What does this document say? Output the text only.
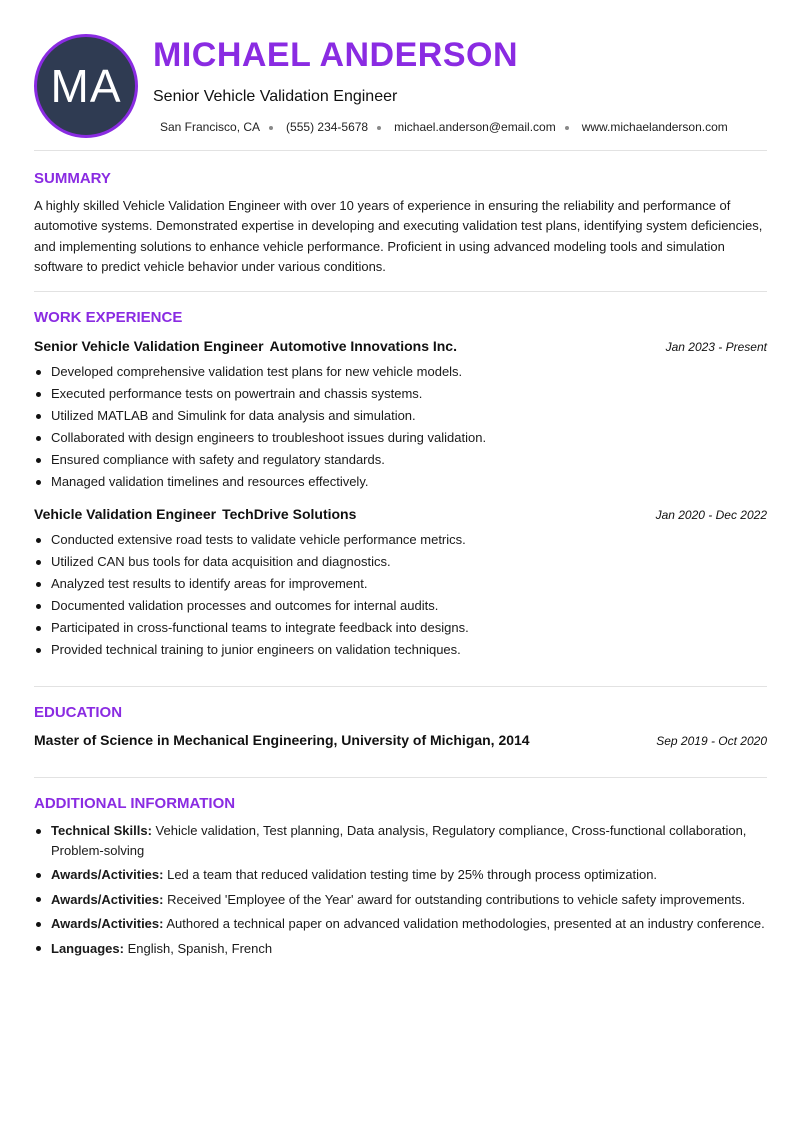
MA
MICHAEL ANDERSON
Senior Vehicle Validation Engineer
San Francisco, CA (555) 234-5678 michael.anderson@email.com www.michaelanderson.com
SUMMARY

A highly skilled Vehicle Validation Engineer with over 10 years of experience in ensuring the reliability and performance of automotive systems. Demonstrated expertise in developing and executing validation test plans, identifying system deficiencies, and implementing solutions to enhance vehicle performance. Proficient in using advanced modeling tools and simulation software to predict vehicle behavior under various conditions.

WORK EXPERIENCE
Senior Vehicle Validation Engineer Automotive Innovations Inc.	Jan 2023 - Present
Developed comprehensive validation test plans for new vehicle models.
Executed performance tests on powertrain and chassis systems.
Utilized MATLAB and Simulink for data analysis and simulation.
Collaborated with design engineers to troubleshoot issues during validation.
Ensured compliance with safety and regulatory standards.
Managed validation timelines and resources effectively.
Vehicle Validation Engineer TechDrive Solutions	Jan 2020 - Dec 2022
Conducted extensive road tests to validate vehicle performance metrics.
Utilized CAN bus tools for data acquisition and diagnostics.
Analyzed test results to identify areas for improvement.
Documented validation processes and outcomes for internal audits.
Participated in cross-functional teams to integrate feedback into designs.
Provided technical training to junior engineers on validation techniques.
EDUCATION
Master of Science in Mechanical Engineering, University of Michigan, 2014	Sep 2019 - Oct 2020
ADDITIONAL INFORMATION
Technical Skills: Vehicle validation, Test planning, Data analysis, Regulatory compliance, Cross-functional collaboration, Problem-solving
Awards/Activities: Led a team that reduced validation testing time by 25% through process optimization.
Awards/Activities: Received 'Employee of the Year' award for outstanding contributions to vehicle safety improvements.
Awards/Activities: Authored a technical paper on advanced validation methodologies, presented at an industry conference.
Languages: English, Spanish, French
